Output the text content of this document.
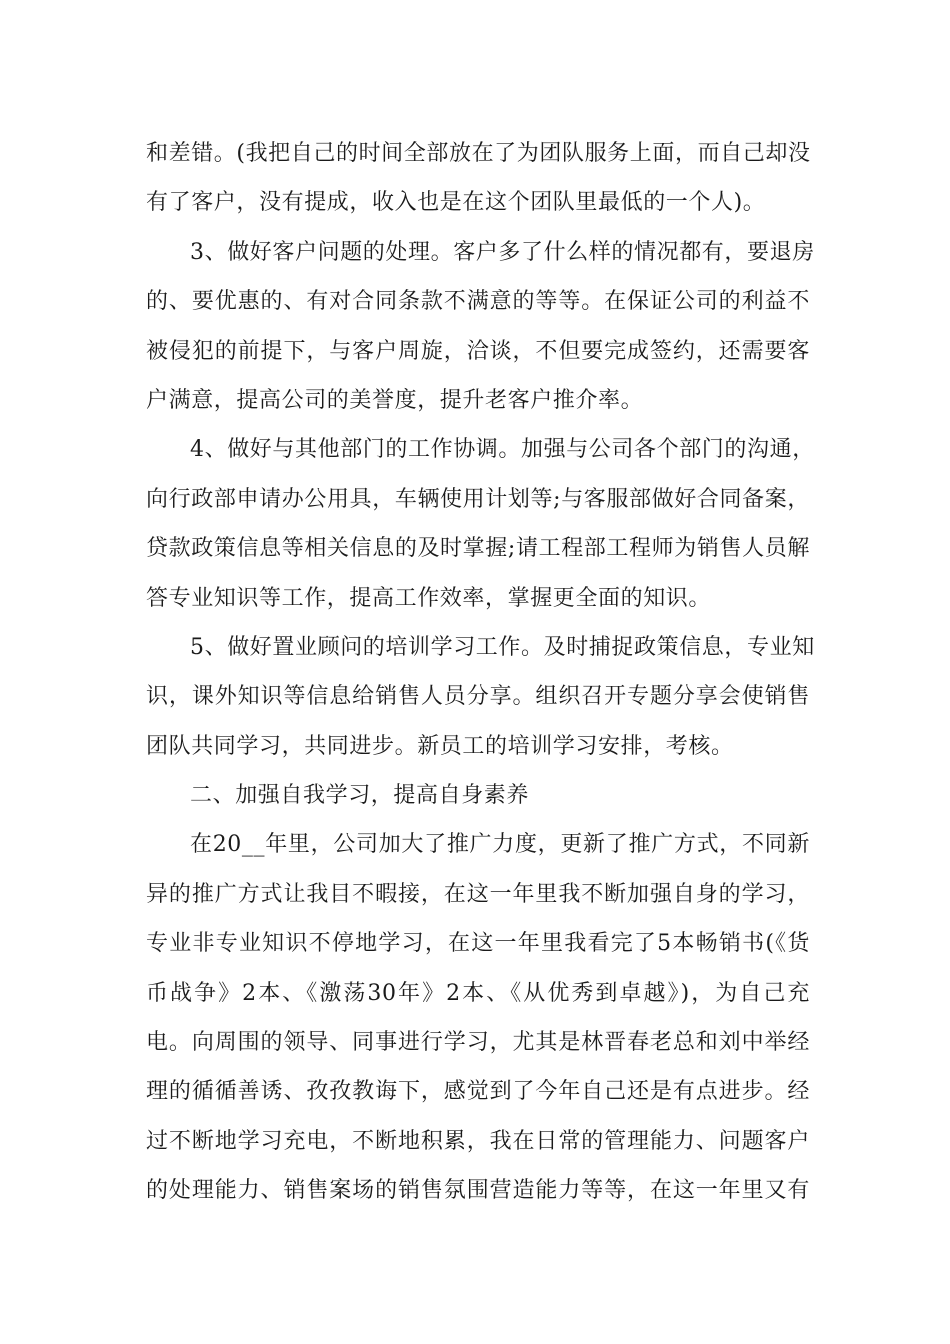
和差错。(我把自己的时间全部放在了为团队服务上面，而自己却没
有了客户，没有提成，收入也是在这个团队里最低的一个人)。
3、做好客户问题的处理。客户多了什么样的情况都有，要退房
的、要优惠的、有对合同条款不满意的等等。在保证公司的利益不
被侵犯的前提下，与客户周旋，洽谈，不但要完成签约，还需要客
户满意，提高公司的美誉度，提升老客户推介率。
4、做好与其他部门的工作协调。加强与公司各个部门的沟通，
向行政部申请办公用具，车辆使用计划等;与客服部做好合同备案，
贷款政策信息等相关信息的及时掌握;请工程部工程师为销售人员解
答专业知识等工作，提高工作效率，掌握更全面的知识。
5、做好置业顾问的培训学习工作。及时捕捉政策信息，专业知
识，课外知识等信息给销售人员分享。组织召开专题分享会使销售
团队共同学习，共同进步。新员工的培训学习安排，考核。
二、加强自我学习，提高自身素养
在20__年里，公司加大了推广力度，更新了推广方式，不同新
异的推广方式让我目不暇接，在这一年里我不断加强自身的学习，
专业非专业知识不停地学习，在这一年里我看完了5本畅销书(《货
币战争》2本、《激荡30年》2本、《从优秀到卓越》)，为自己充
电。向周围的领导、同事进行学习，尤其是林晋春老总和刘中举经
理的循循善诱、孜孜教诲下，感觉到了今年自己还是有点进步。经
过不断地学习充电，不断地积累，我在日常的管理能力、问题客户
的处理能力、销售案场的销售氛围营造能力等等，在这一年里又有
